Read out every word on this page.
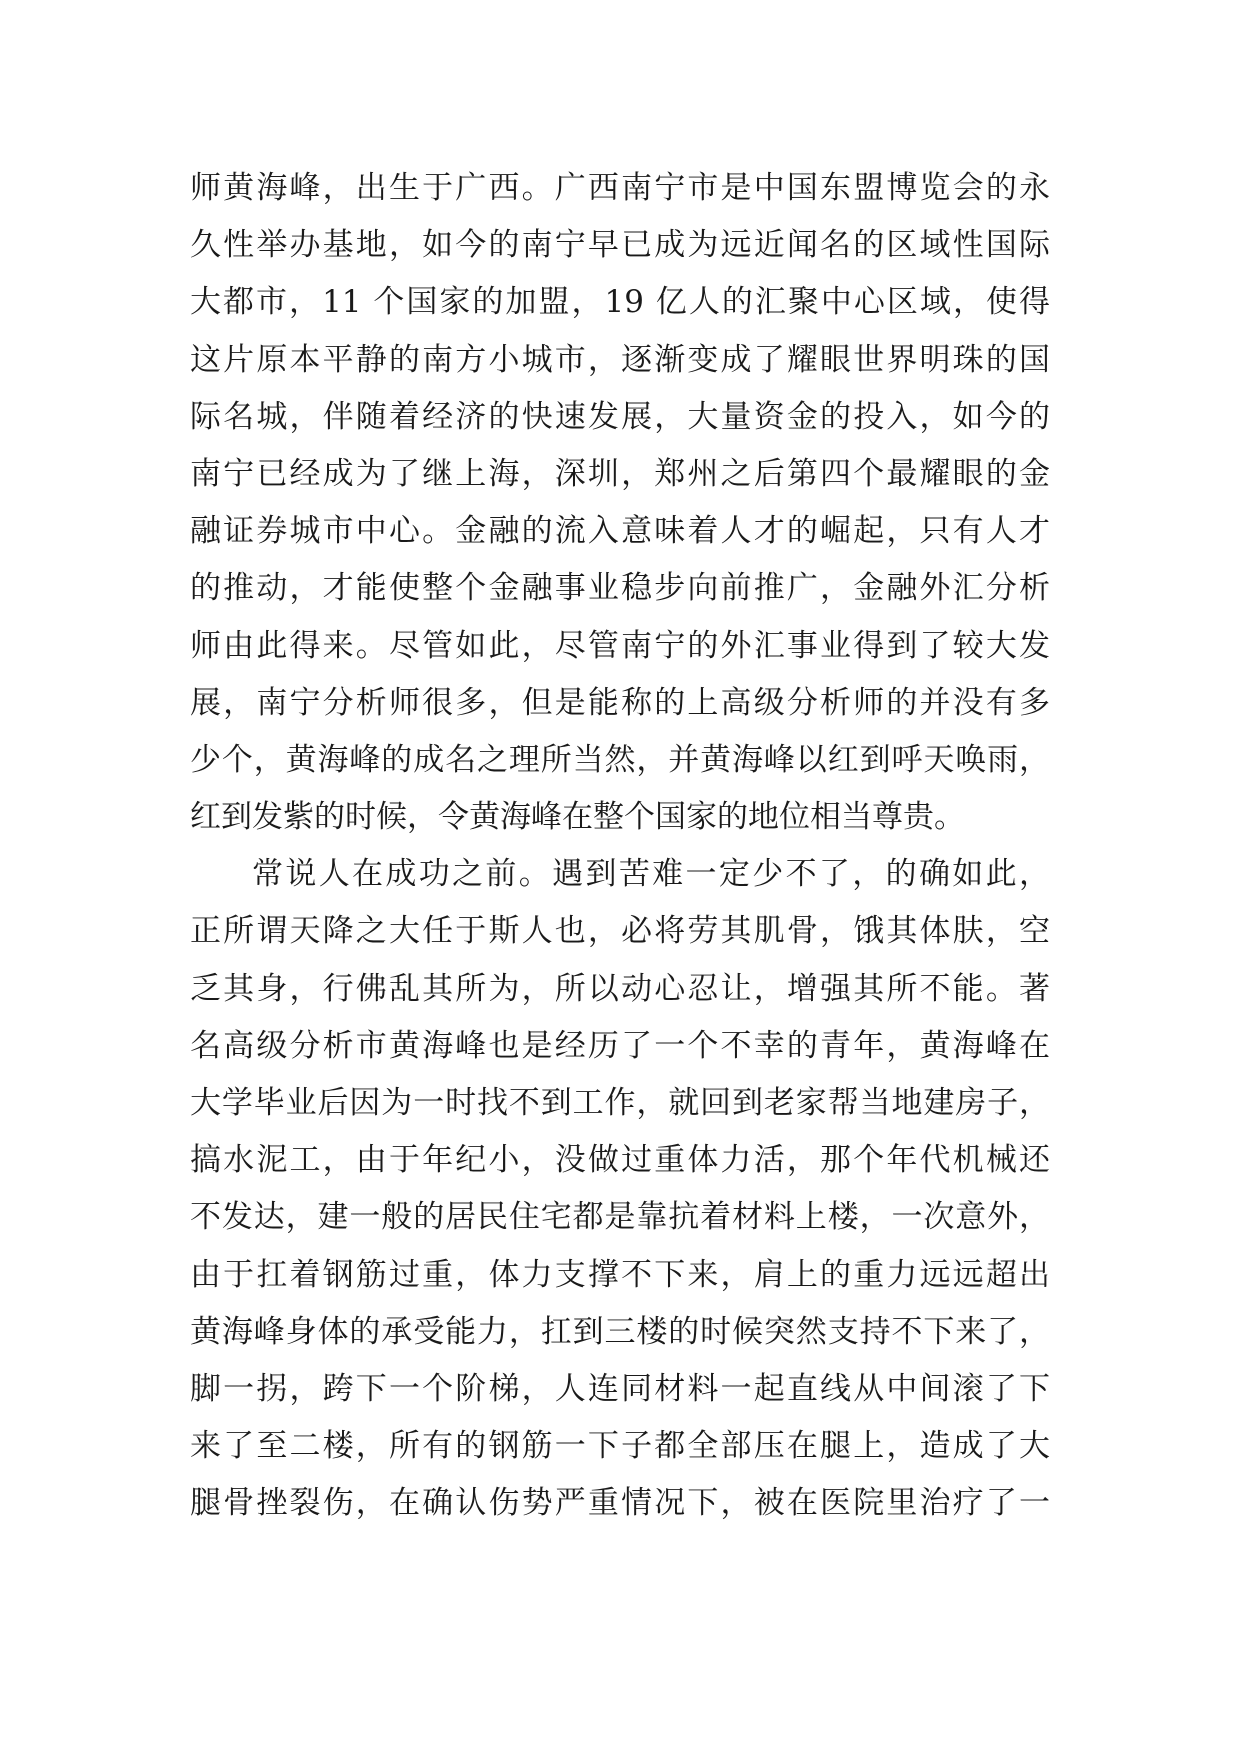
师黄海峰，出生于广西。广西南宁市是中国东盟博览会的永
久性举办基地，如今的南宁早已成为远近闻名的区域性国际
大都市，11 个国家的加盟，19 亿人的汇聚中心区域，使得
这片原本平静的南方小城市，逐渐变成了耀眼世界明珠的国
际名城，伴随着经济的快速发展，大量资金的投入，如今的
南宁已经成为了继上海，深圳，郑州之后第四个最耀眼的金
融证券城市中心。金融的流入意味着人才的崛起，只有人才
的推动，才能使整个金融事业稳步向前推广，金融外汇分析
师由此得来。尽管如此，尽管南宁的外汇事业得到了较大发
展，南宁分析师很多，但是能称的上高级分析师的并没有多
少个，黄海峰的成名之理所当然，并黄海峰以红到呼天唤雨，
红到发紫的时候，令黄海峰在整个国家的地位相当尊贵。
常说人在成功之前。遇到苦难一定少不了，的确如此，
正所谓天降之大任于斯人也，必将劳其肌骨，饿其体肤，空
乏其身，行佛乱其所为，所以动心忍让，增强其所不能。著
名高级分析市黄海峰也是经历了一个不幸的青年，黄海峰在
大学毕业后因为一时找不到工作，就回到老家帮当地建房子，
搞水泥工，由于年纪小，没做过重体力活，那个年代机械还
不发达，建一般的居民住宅都是靠抗着材料上楼，一次意外，
由于扛着钢筋过重，体力支撑不下来，肩上的重力远远超出
黄海峰身体的承受能力，扛到三楼的时候突然支持不下来了，
脚一拐，跨下一个阶梯，人连同材料一起直线从中间滚了下
来了至二楼，所有的钢筋一下子都全部压在腿上，造成了大
腿骨挫裂伤，在确认伤势严重情况下，被在医院里治疗了一
